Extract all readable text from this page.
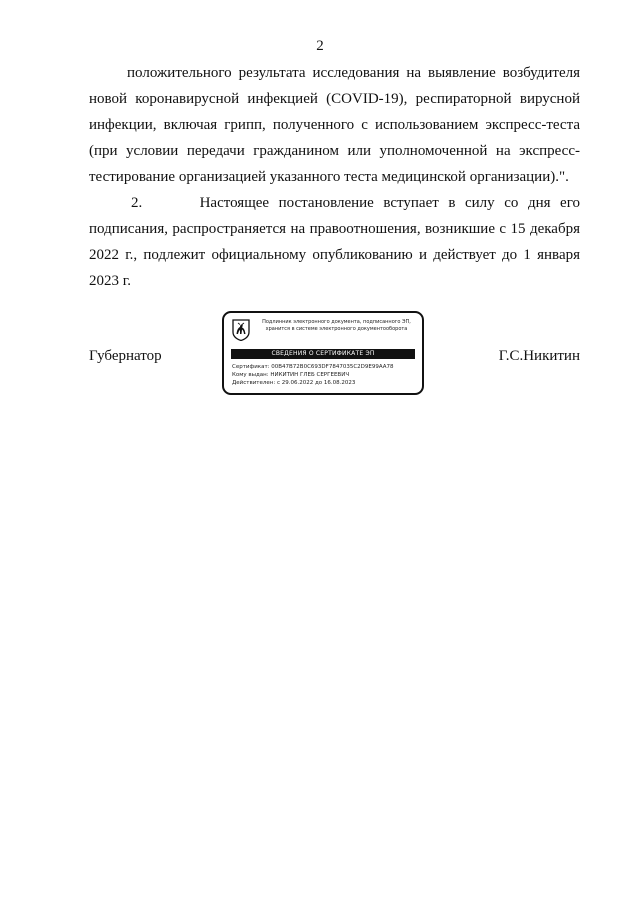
2

положительного результата исследования на выявление возбудителя новой коронавирусной инфекцией (COVID-19), респираторной вирусной инфекции, включая грипп, полученного с использованием экспресс-теста (при условии передачи гражданином или уполномоченной на экспресс-тестирование организацией указанного теста медицинской организации).".

2.      Настоящее постановление вступает в силу со дня его подписания, распространяется на правоотношения, возникшие с 15 декабря 2022 г., подлежит официальному опубликованию и действует до 1 января 2023 г.

Губернатор
Подлинник электронного документа, подписанного ЭП,
хранится в системе электронного документооборота
СВЕДЕНИЯ О СЕРТИФИКАТЕ ЭП
Сертификат: 00B47B72B0C693DF7847035C2D9E99AA78
Кому выдан: НИКИТИН ГЛЕБ СЕРГЕЕВИЧ
Действителен: с 29.06.2022 до 16.08.2023
Г.С.Никитин
